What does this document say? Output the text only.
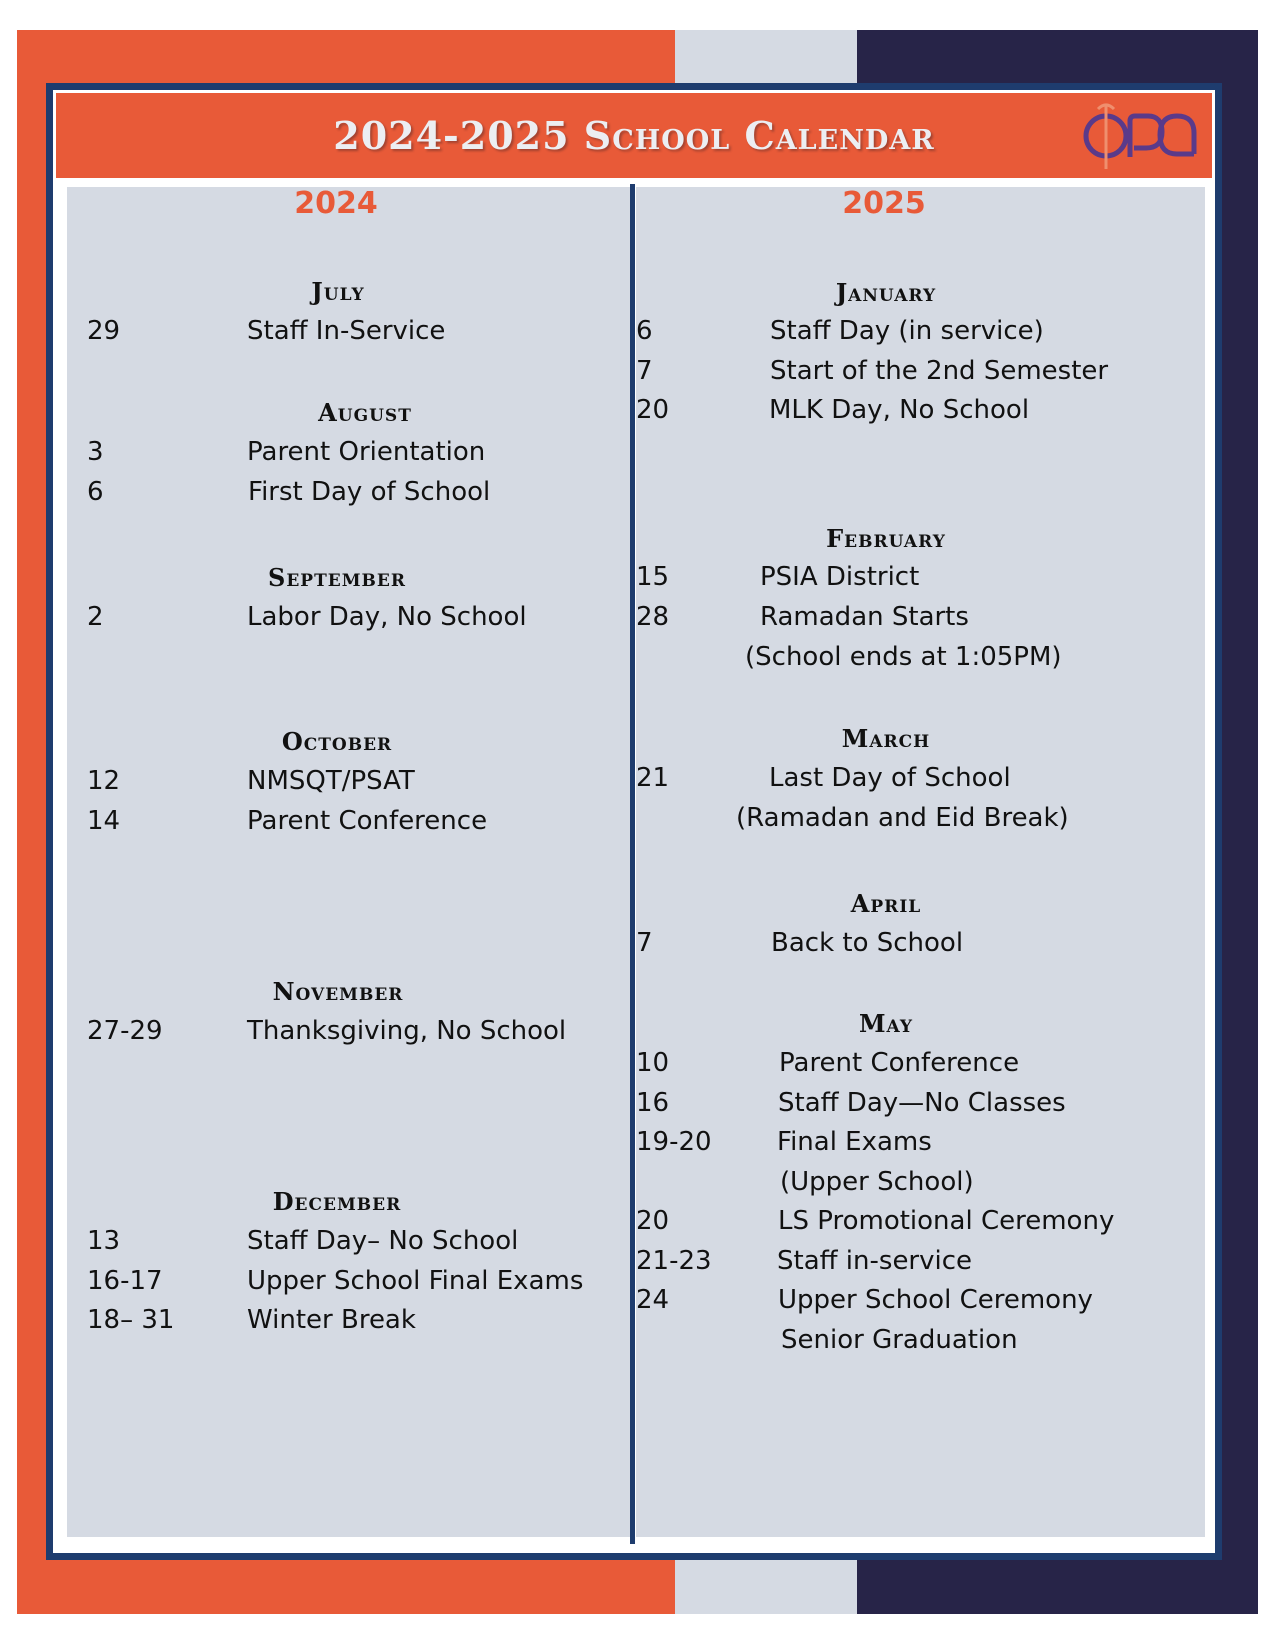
2024-2025 School Calendar
2024
July
29	Staff In-Service
August
3	Parent Orientation
6	First Day of School
September
2	Labor Day, No School
October
12	NMSQT/PSAT
14	Parent Conference
November
27-29	Thanksgiving, No School
December
13	Staff Day– No School
16-17	Upper School Final Exams
18– 31	Winter Break
2025
January
6	Staff Day (in service)
7	Start of the 2nd Semester
20	MLK Day, No School
February
15	PSIA District
28	Ramadan Starts
(School ends at 1:05PM)
March
21	Last Day of School
(Ramadan and Eid Break)
April
7	Back to School
May
10	Parent Conference
16	Staff Day—No Classes
19-20	Final Exams
(Upper School)
20	LS Promotional Ceremony
21-23	Staff in-service
24	Upper School Ceremony
Senior Graduation
